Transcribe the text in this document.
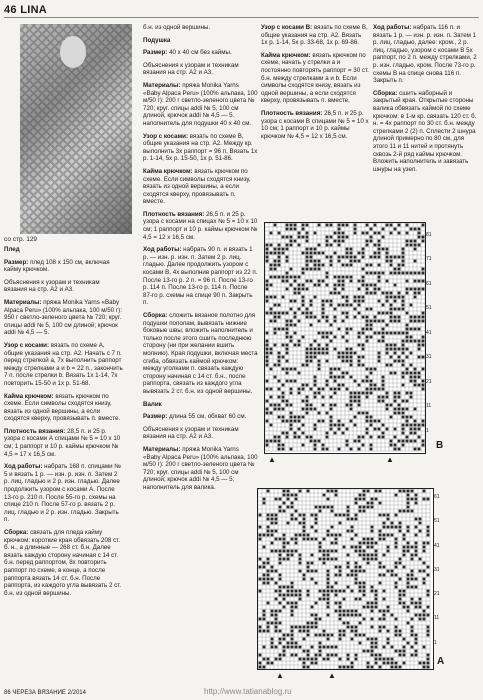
46 LINA
со стр. 129

Плед

Размер: плед 108 х 150 см, включая кайму крючком.

Объяснения к узорам и техникам вязания на стр. А2 и А3.

Материалы: пряжа Monika Yarns «Baby Alpaca Peru» (100% альпака, 100 м/50 г): 950 г светло-зеленого цвета № 720; круг. спицы addi № 5, 100 см длиной; крючок addi № 4,5 — 5.

Узор с косами: вязать по схеме А, общие указания на стр. А2. Начать с 7 п. перед стрелкой а, 7х выполнить раппорт между стрелками а и b = 22 п., закончить 7 п. после стрелки b. Вязать 1х 1-14, 7х повторить 15-50 и 1х р. 51-68.

Кайма крючком: вязать крючком по схеме. Если символы сходятся книзу, вязать из одной вершины, а если сходятся кверху, провязывать п. вместе.

Плотность вязания: 28,5 п. и 25 р. узора с косами А спицами № 5 = 10 х 10 см; 1 раппорт и 10 р. каймы крючком № 4,5 = 17 х 16,5 см.

Ход работы: набрать 168 п. спицами № 5 и вязать 1 р. — изн. р. изн. п. Затем 2 р. лиц. гладью и 2 р. изн. гладью. Далее продолжить узором с косами А. После 13-го р. 210 п. После 55-го р. схемы на спице 210 п. После 57-го р. вязать 2 р. лиц. гладью и 2 р. изн. гладью. Закрыть п.

Сборка: связать для пледа кайму крючком: короткие края обвязать 208 ст. б. н., а длинные — 268 ст. б.н. Далее вязать каждую сторону начиная с 14 ст. б.н. перед раппортом, 8х повторить раппорт по схеме, в конце, а после раппорта вязать 14 ст. б.н. После раппорта, из каждого угла вывязать 2 ст. б.н. из одной вершины.

б.н. из одной вершины.

Подушка

Размер: 40 х 40 см без каймы.

Объяснения к узорам и техникам вязания на стр. А2 и А3.

Материалы: пряжа Monika Yarns «Baby Alpaca Peru» (100% альпака, 100 м/50 г): 200 г светло-зеленого цвета № 720; круг. спицы addi № 5, 100 см длиной, крючок addi № 4,5 — 5. наполнитель для подушки 40 х 40 см.

Узор с косами: вязать по схеме В, общие указания на стр. А2. Между кр. выполнить 3х раппорт = 96 п. Вязать 1х р. 1-14, 5х р. 15-50, 1х р. 51-86.

Кайма крючком: вязать крючком по схеме. Если символы сходятся книзу, вязать из одной вершины, а если сходятся кверху, провязывать п. вместе.

Плотность вязания: 26,5 п. и 25 р. узора с косами на спицах № 5 = 10 х 10 см; 1 раппорт и 10 р. каймы крючком № 4,5 = 12 х 16,5 см.

Ход работы: набрать 90 п. и вязать 1 р. — изн. р. изн. п. Затем 2 р. лиц. гладью. Далее продолжить узором с косами В, 4х выполнив раппорт из 22 п. После 13-го р. 2 п. = 96 п. После 13-го р. 114 п. После 13-го р. 114 п. После 87-го р. схемы на спице 90 п. Закрыть п.

Сборка: сложить вязаное полотно для подушки пополам, вывязать нижние боковые швы, вложить наполнитель и только после этого сшить последнюю сторону (ни при желании вшить молнию). Края подушки, включая места сгиба, обвязать каймой крючком: между уголками п. связать каждую сторону начиная с 14 ст. б.н., после раппорта, связать из каждого угла вывязать 2 ст. б.н. из одной вершины.

Валик

Размер: длина 55 см, обхват 60 см.

Объяснения к узорам и техникам вязания на стр. А2 и А3.

Материалы: пряжа Monika Yarns «Baby Alpaca Peru» (100% альпака, 100 м/50 г): 200 г светло-зеленого цвета № 720; круг. спицы addi № 5, 100 см длиной; крючок addi № 4,5 — 5; наполнитель для валика.

Узор с косами В: вязать по схеме В, общие указания на стр. А2. Вязать 1х р. 1-14, 5х р. 33-68, 1х р. 69-86.

Кайма крючком: вязать крючком по схеме, начать у стрелки а и постоянно повторять раппорт = 30 ст. б.н. между стрелками а и b. Если символы сходятся книзу, вязать из одной вершины, а если сходятся кверху, провязывать п. вместе.

Плотность вязания: 26,5 п. и 25 р. узора с косами В спицами № 5 = 10 х 10 см; 1 раппорт и 10 р. каймы крючком № 4,5 = 12 х 16,5 см.

Ход работы: набрать 116 п. и вязать 1 р. — изн. р. изн. п. Затем 1 р. лиц. гладью, далее: кром., 2 р. лиц. гладью, узором с косами В 5х раппорт, по 2 п. между стрелками, 2 р. изн. гладью, кром. После 73-го р. схемы В на спице снова 116 п. Закрыть п.

Сборка: сшить наборный и закрытый края. Открытые стороны валика обвязать каймой по схеме крючком: в 1-м кр. связать 120 ст. б. н. = 4х раппорт по 30 ст. б.н. между стрелками 2 (2) п. Сплести 2 шнура длиной примерно по 80 см, для этого 11 и 11 нитей и протянуть сквозь 2-й ряд каймы крючком. Вложить наполнитель и завязать шнуры на узел.

B
▲	▲
A
▲	▲
81
71
61
51
41
31
21
11
1
61
51
41
31
21
11
1
86 ЧЕРЕЗА ВЯЗАНИЕ 2/2014	http://www.tatianablog.ru
